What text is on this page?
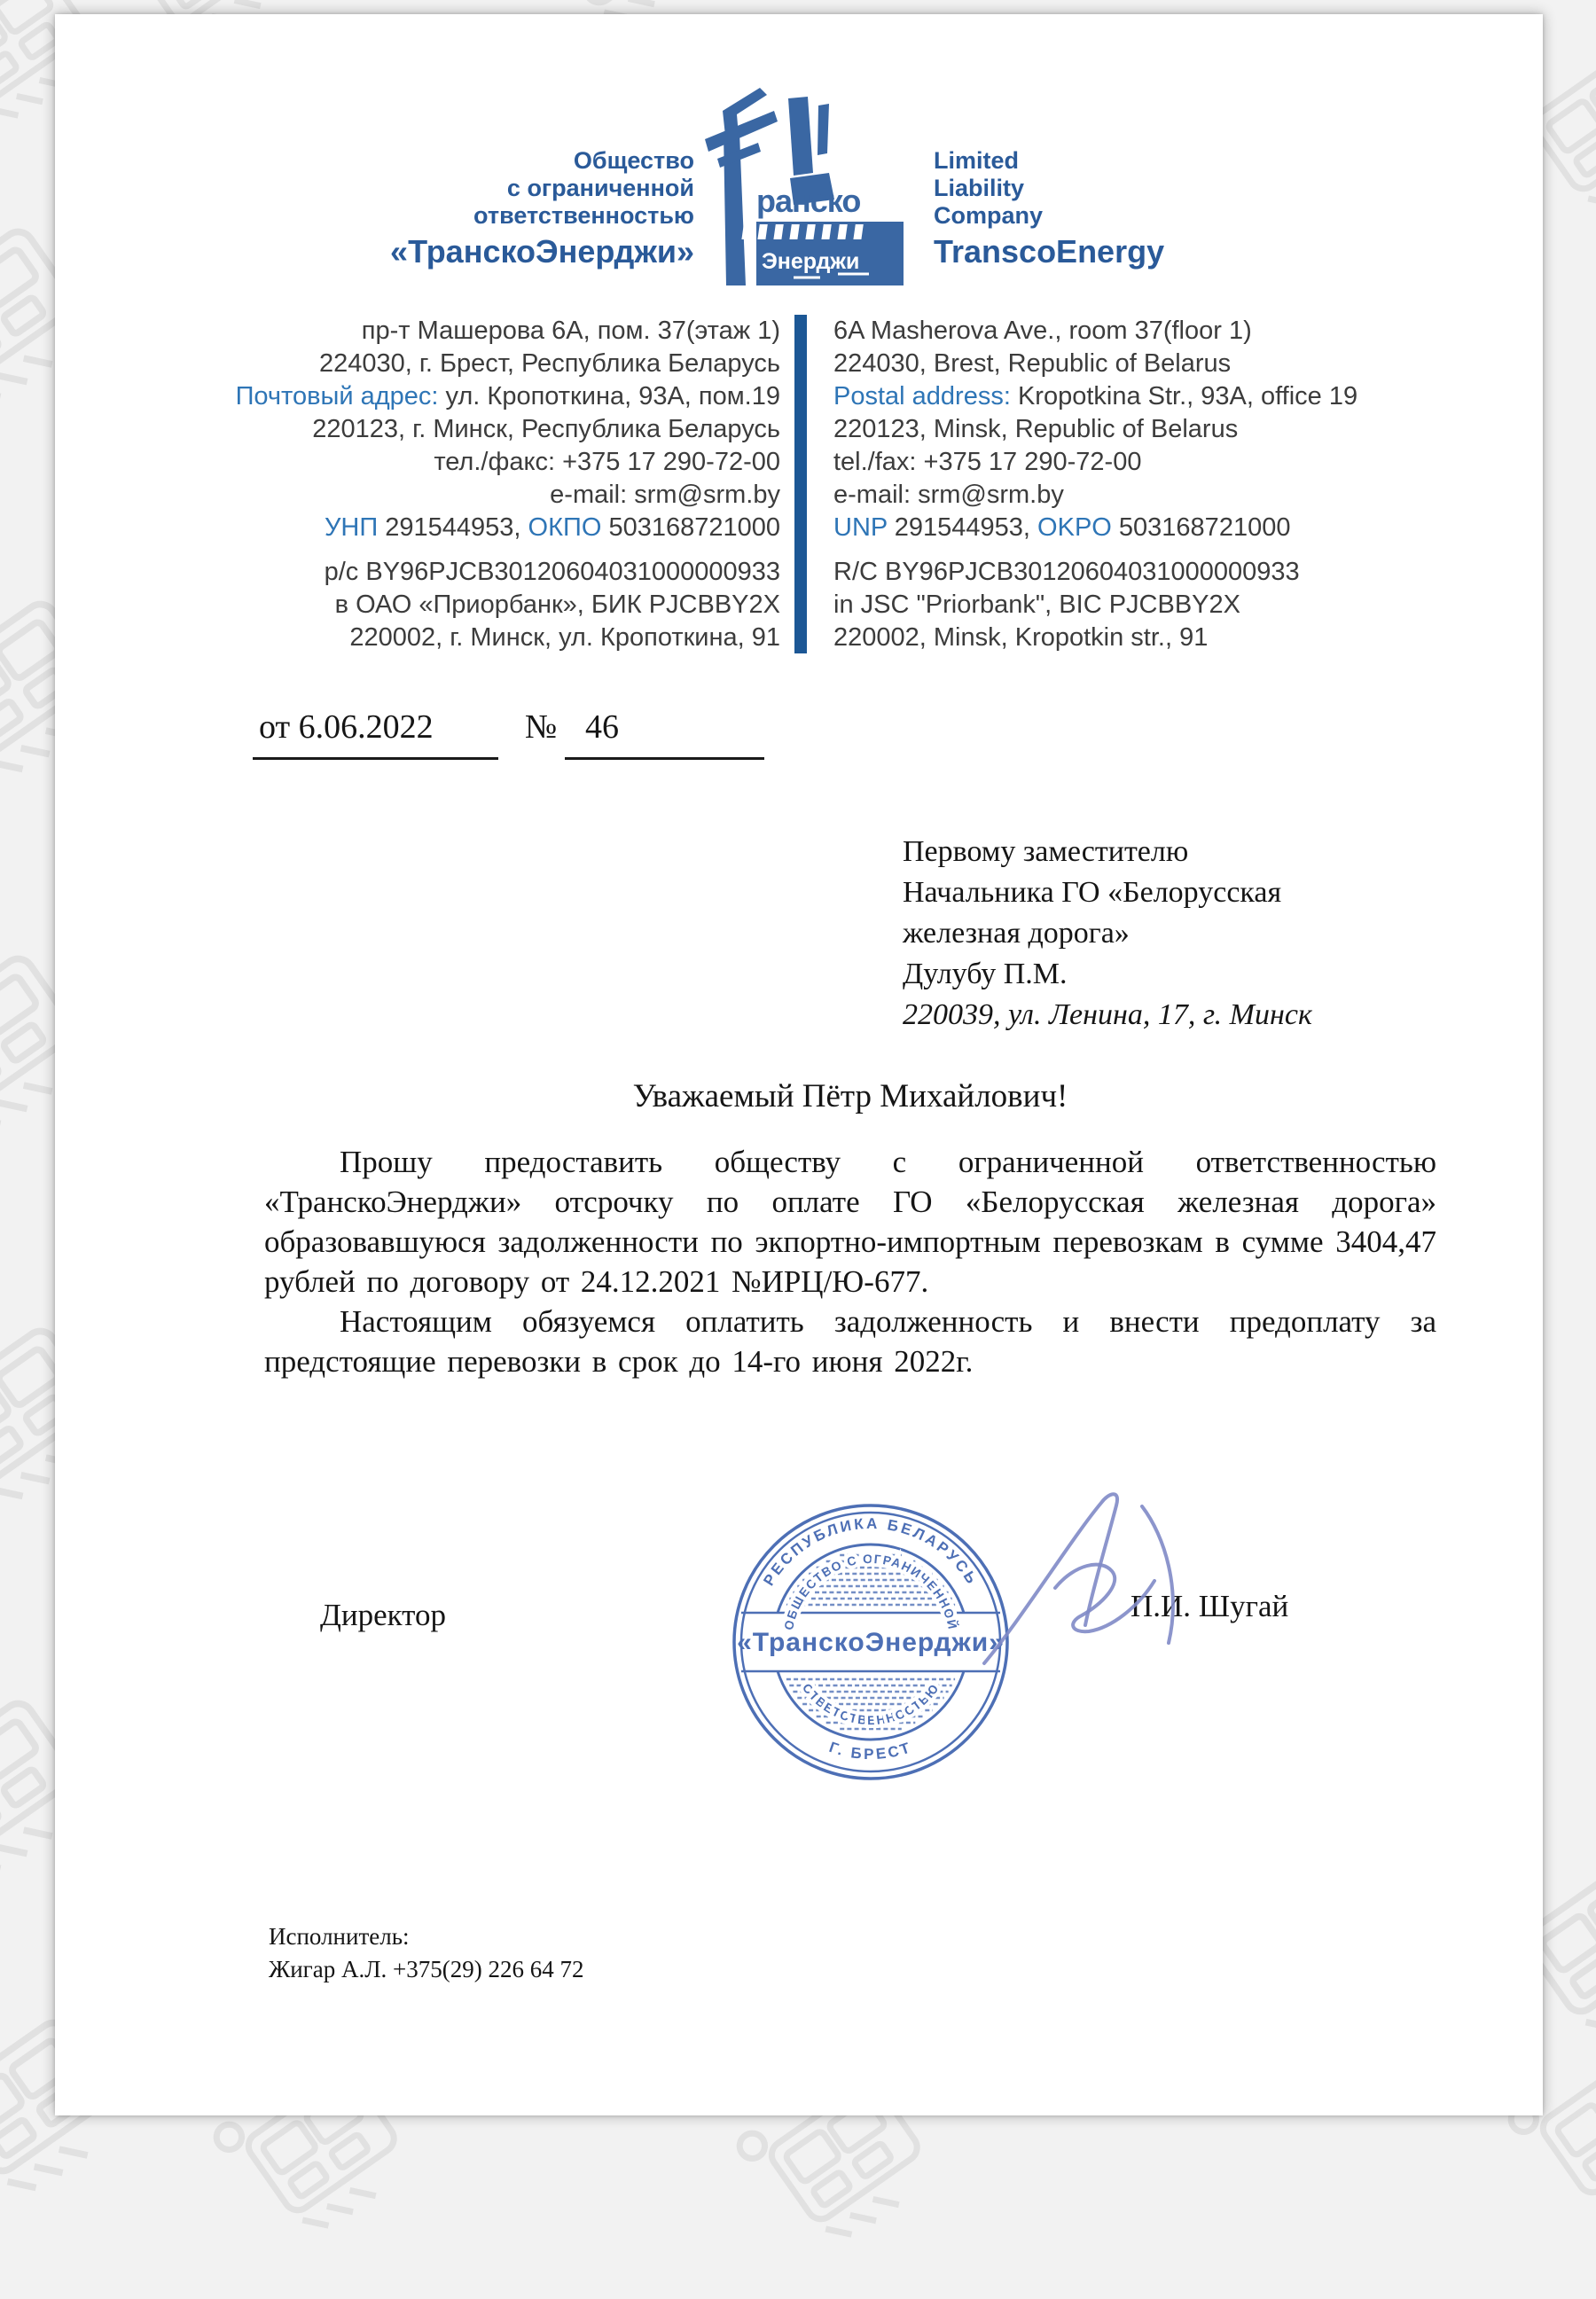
Общество
с ограниченной
ответственностью
«ТранскоЭнерджи»
ранско
Энерджи
Limited
Liability
Company
TranscoEnergy
пр-т Машерова 6А, пом. 37(этаж 1)
224030, г. Брест, Республика Беларусь
Почтовый адрес: ул. Кропоткина, 93А, пом.19
220123, г. Минск, Республика Беларусь
тел./факс: +375 17 290-72-00
e-mail: srm@srm.by
УНП 291544953, ОКПО 503168721000
р/с BY96PJCB30120604031000000933
в ОАО «Приорбанк», БИК PJCBBY2X
220002, г. Минск, ул. Кропоткина, 91
6A Masherova Ave., room 37(floor 1)
224030, Brest, Republic of Belarus
Postal address: Kropotkina Str., 93A, office 19
220123, Minsk, Republic of Belarus
tel./fax: +375 17 290-72-00
e-mail: srm@srm.by
UNP 291544953, OKPO 503168721000
R/C BY96PJCB30120604031000000933
in JSC "Priorbank", BIC PJCBBY2X
220002, Minsk, Kropotkin str., 91
от 6.06.2022	№ 46
Первому заместителю
Начальника ГО «Белорусская
железная дорога»
Дулубу П.М.
220039, ул. Ленина, 17, г. Минск
Уважаемый Пётр Михайлович!

Прошу предоставить обществу с ограниченной ответственностью «ТранскоЭнерджи» отсрочку по оплате ГО «Белорусская железная дорога» образовавшуюся задолженности по экпортно-импортным перевозкам в сумме 3404,47 рублей по договору от 24.12.2021 №ИРЦ/Ю-677.

Настоящим обязуемся оплатить задолженность и внести предоплату за предстоящие перевозки в срок до 14-го июня 2022г.

Директор	П.И. Шугай
«ТранскоЭнерджи»
РЕСПУБЛИКА БЕЛАРУСЬ
Г. БРЕСТ
ОБЩЕСТВО С ОГРАНИЧЕННОЙ
ОТВЕТСТВЕННОСТЬЮ
Исполнитель:
Жигар А.Л. +375(29) 226 64 72
